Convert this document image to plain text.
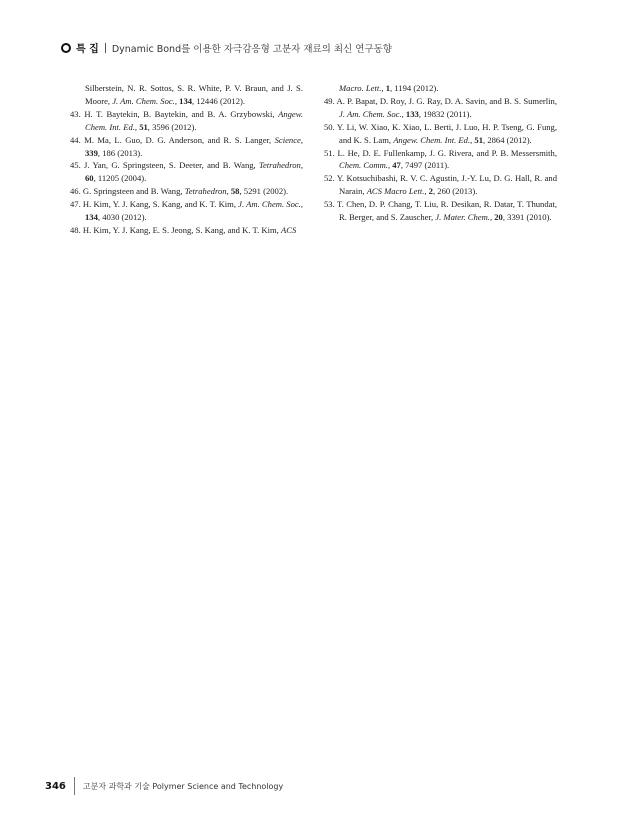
특 집 Dynamic Bond를 이용한 자극감응형 고분자 재료의 최신 연구동향
Silberstein, N. R. Sottos, S. R. White, P. V. Braun, and J. S. Moore, J. Am. Chem. Soc., 134, 12446 (2012).
43. H. T. Baytekin, B. Baytekin, and B. A. Grzybowski, Angew. Chem. Int. Ed., 51, 3596 (2012).
44. M. Ma, L. Guo, D. G. Anderson, and R. S. Langer, Science, 339, 186 (2013).
45. J. Yan, G. Springsteen, S. Deeter, and B. Wang, Tetrahedron, 60, 11205 (2004).
46. G. Springsteen and B. Wang, Tetrahedron, 58, 5291 (2002).
47. H. Kim, Y. J. Kang, S. Kang, and K. T. Kim, J. Am. Chem. Soc., 134, 4030 (2012).
48. H. Kim, Y. J. Kang, E. S. Jeong, S. Kang, and K. T. Kim, ACS
Macro. Lett., 1, 1194 (2012).
49. A. P. Bapat, D. Roy, J. G. Ray, D. A. Savin, and B. S. Sumerlin, J. Am. Chem. Soc., 133, 19832 (2011).
50. Y. Li, W. Xiao, K. Xiao, L. Berti, J. Luo, H. P. Tseng, G. Fung, and K. S. Lam, Angew. Chem. Int. Ed., 51, 2864 (2012).
51. L. He, D. E. Fullenkamp, J. G. Rivera, and P. B. Messersmith, Chem. Comm., 47, 7497 (2011).
52. Y. Kotsuchibashi, R. V. C. Agustin, J.-Y. Lu, D. G. Hall, R. and Narain, ACS Macro Lett., 2, 260 (2013).
53. T. Chen, D. P. Chang, T. Liu, R. Desikan, R. Datar, T. Thundat, R. Berger, and S. Zauscher, J. Mater. Chem., 20, 3391 (2010).
346 고분자 과학과 기술 Polymer Science and Technology
